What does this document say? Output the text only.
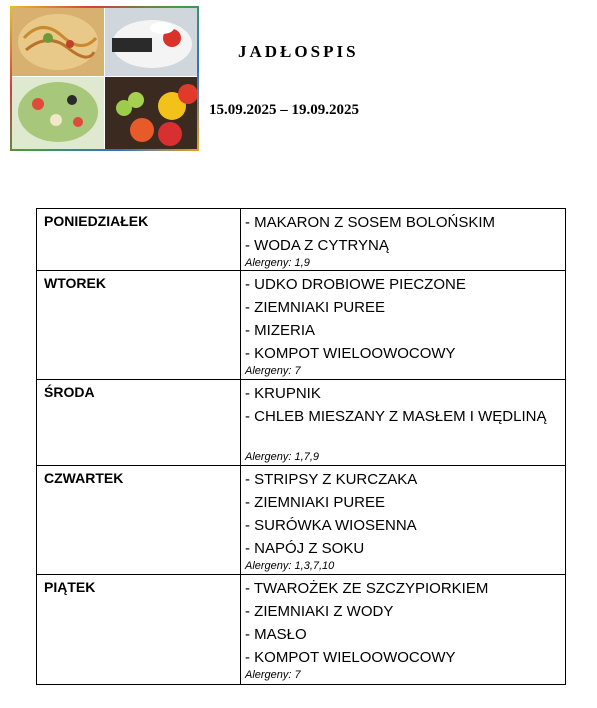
JADŁOSPIS
15.09.2025 – 19.09.2025
PONIEDZIAŁEK	- MAKARON Z SOSEM BOLOŃSKIM
- WODA Z CYTRYNĄ
Alergeny: 1,9

WTOREK	- UDKO DROBIOWE PIECZONE
- ZIEMNIAKI PUREE
- MIZERIA
- KOMPOT WIELOOWOCOWY
Alergeny: 7

ŚRODA	- KRUPNIK
- CHLEB MIESZANY Z MASŁEM I WĘDLINĄ
Alergeny: 1,7,9

CZWARTEK	- STRIPSY Z KURCZAKA
- ZIEMNIAKI PUREE
- SURÓWKA WIOSENNA
- NAPÓJ Z SOKU
Alergeny: 1,3,7,10

PIĄTEK	- TWAROŻEK ZE SZCZYPIORKIEM
- ZIEMNIAKI Z WODY
- MASŁO
- KOMPOT WIELOOWOCOWY
Alergeny: 7
